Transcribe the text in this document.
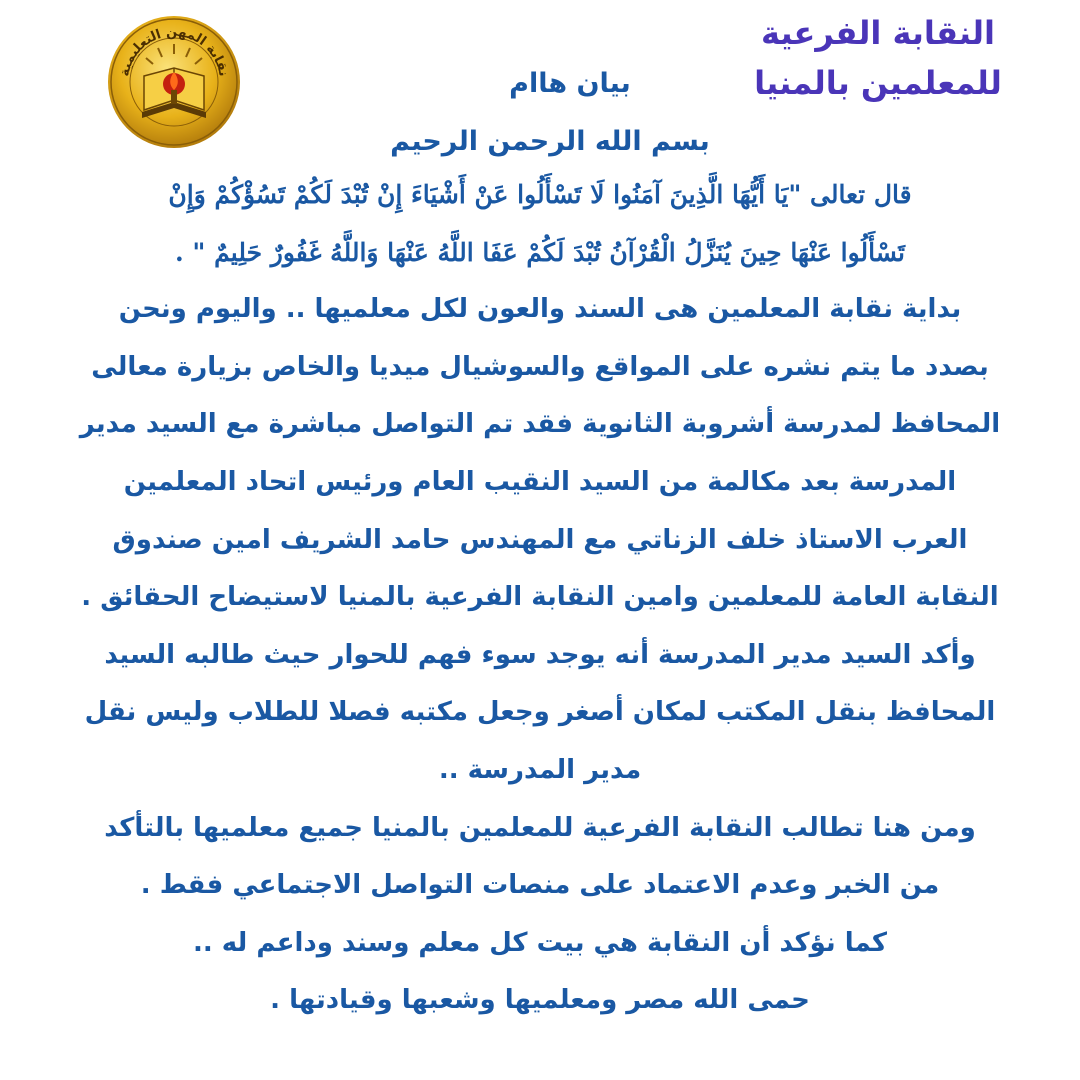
النقابة الفرعية
للمعلمين بالمنيا
نقابة المهن التعليمية	بيان هاام
بسم الله الرحمن الرحيم
قال تعالى "يَا أَيُّهَا الَّذِينَ آمَنُوا لَا تَسْأَلُوا عَنْ أَشْيَاءَ إِنْ تُبْدَ لَكُمْ تَسُؤْكُمْ وَإِنْ
تَسْأَلُوا عَنْهَا حِينَ يُنَزَّلُ الْقُرْآنُ تُبْدَ لَكُمْ عَفَا اللَّهُ عَنْهَا وَاللَّهُ غَفُورٌ حَلِيمٌ " .
بداية نقابة المعلمين هى السند والعون لكل معلميها .. واليوم ونحن
بصدد ما يتم نشره على المواقع والسوشيال ميديا والخاص بزيارة معالى
المحافظ لمدرسة أشروبة الثانوية فقد تم التواصل مباشرة مع السيد مدير
المدرسة بعد مكالمة من السيد النقيب العام ورئيس اتحاد المعلمين
العرب الاستاذ خلف الزناتي مع المهندس حامد الشريف امين صندوق
النقابة العامة للمعلمين وامين النقابة الفرعية بالمنيا لاستيضاح الحقائق .
وأكد السيد مدير المدرسة أنه يوجد سوء فهم للحوار حيث طالبه السيد
المحافظ بنقل المكتب لمكان أصغر وجعل مكتبه فصلا للطلاب وليس نقل
مدير المدرسة ..
ومن هنا تطالب النقابة الفرعية للمعلمين بالمنيا جميع معلميها بالتأكد
من الخبر وعدم الاعتماد على منصات التواصل الاجتماعي فقط .
كما نؤكد أن النقابة هي بيت كل معلم وسند وداعم له ..
حمى الله مصر ومعلميها وشعبها وقيادتها .
